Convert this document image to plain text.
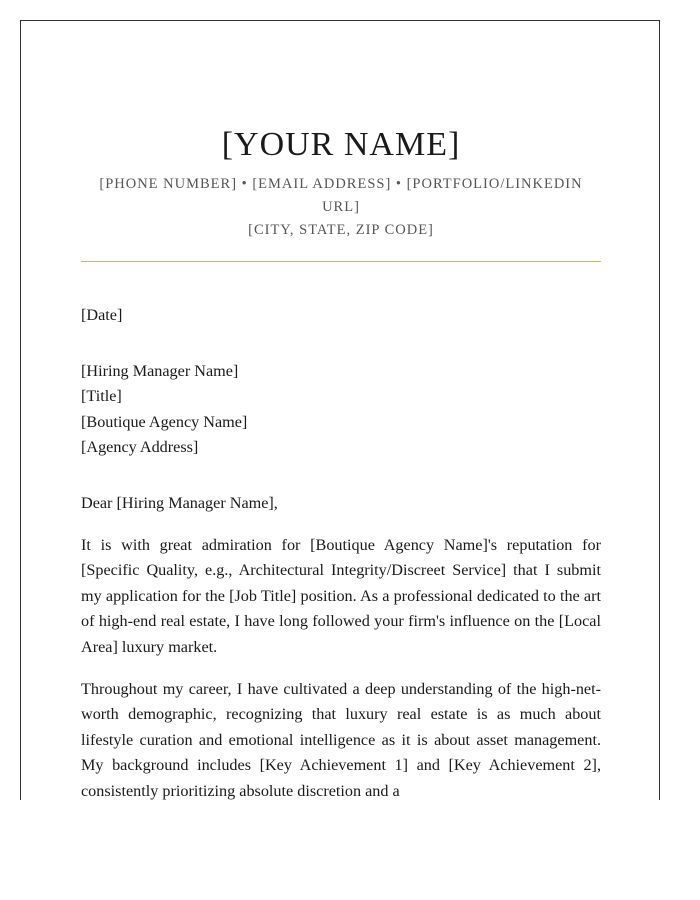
[YOUR NAME]
[PHONE NUMBER] • [EMAIL ADDRESS] • [PORTFOLIO/LINKEDIN URL]
[CITY, STATE, ZIP CODE]
[Date]
[Hiring Manager Name]
[Title]
[Boutique Agency Name]
[Agency Address]

Dear [Hiring Manager Name],

It is with great admiration for [Boutique Agency Name]'s reputation for [Specific Quality, e.g., Architectural Integrity/Discreet Service] that I submit my application for the [Job Title] position. As a professional dedicated to the art of high-end real estate, I have long followed your firm's influence on the [Local Area] luxury market.

Throughout my career, I have cultivated a deep understanding of the high-net-worth demographic, recognizing that luxury real estate is as much about lifestyle curation and emotional intelligence as it is about asset management. My background includes [Key Achievement 1] and [Key Achievement 2], consistently prioritizing absolute discretion and a
